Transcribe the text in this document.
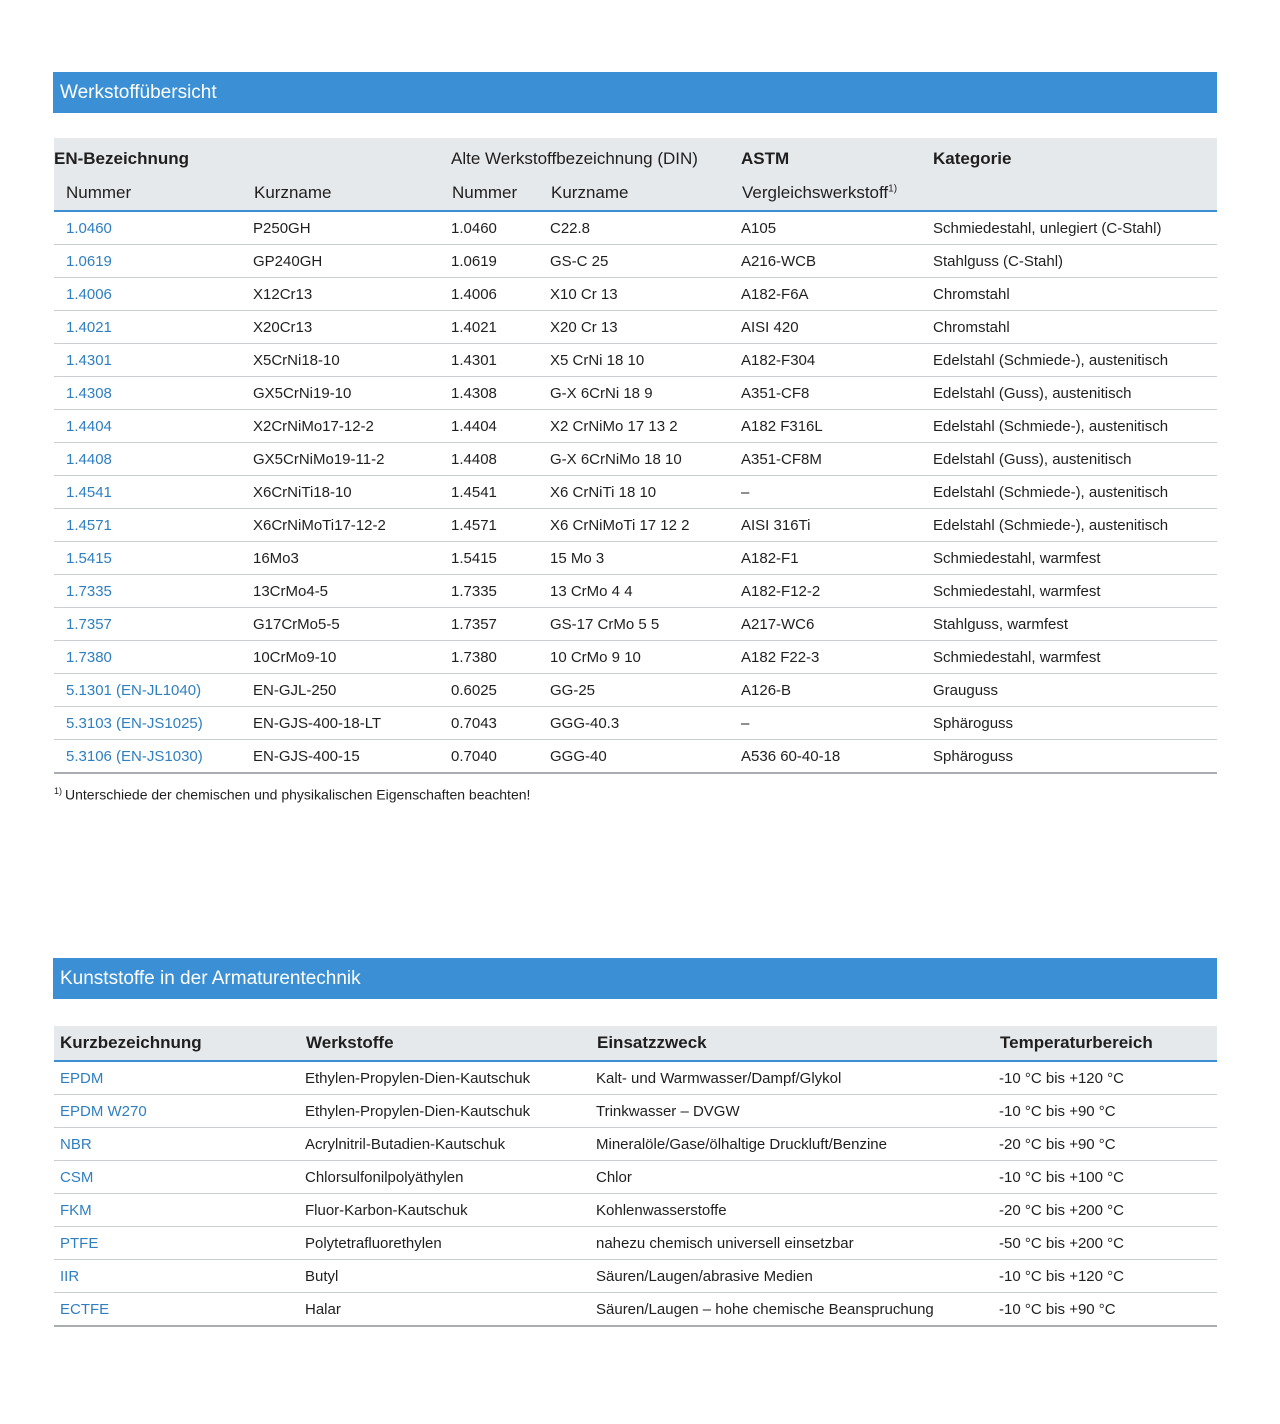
Werkstoffübersicht
EN-Bezeichnung		Alte Werkstoffbezeichnung (DIN)		ASTM	Kategorie
Nummer	Kurzname	Nummer	Kurzname	Vergleichswerkstoff$^{1)}$	
1.0460	P250GH	1.0460	C22.8	A105	Schmiedestahl, unlegiert (C-Stahl)
1.0619	GP240GH	1.0619	GS-C 25	A216-WCB	Stahlguss (C-Stahl)
1.4006	X12Cr13	1.4006	X10 Cr 13	A182-F6A	Chromstahl
1.4021	X20Cr13	1.4021	X20 Cr 13	AISI 420	Chromstahl
1.4301	X5CrNi18-10	1.4301	X5 CrNi 18 10	A182-F304	Edelstahl (Schmiede-), austenitisch
1.4308	GX5CrNi19-10	1.4308	G-X 6CrNi 18 9	A351-CF8	Edelstahl (Guss), austenitisch
1.4404	X2CrNiMo17-12-2	1.4404	X2 CrNiMo 17 13 2	A182 F316L	Edelstahl (Schmiede-), austenitisch
1.4408	GX5CrNiMo19-11-2	1.4408	G-X 6CrNiMo 18 10	A351-CF8M	Edelstahl (Guss), austenitisch
1.4541	X6CrNiTi18-10	1.4541	X6 CrNiTi 18 10	–	Edelstahl (Schmiede-), austenitisch
1.4571	X6CrNiMoTi17-12-2	1.4571	X6 CrNiMoTi 17 12 2	AISI 316Ti	Edelstahl (Schmiede-), austenitisch
1.5415	16Mo3	1.5415	15 Mo 3	A182-F1	Schmiedestahl, warmfest
1.7335	13CrMo4-5	1.7335	13 CrMo 4 4	A182-F12-2	Schmiedestahl, warmfest
1.7357	G17CrMo5-5	1.7357	GS-17 CrMo 5 5	A217-WC6	Stahlguss, warmfest
1.7380	10CrMo9-10	1.7380	10 CrMo 9 10	A182 F22-3	Schmiedestahl, warmfest
5.1301 (EN-JL1040)	EN-GJL-250	0.6025	GG-25	A126-B	Grauguss
5.3103 (EN-JS1025)	EN-GJS-400-18-LT	0.7043	GGG-40.3	–	Sphäroguss
5.3106 (EN-JS1030)	EN-GJS-400-15	0.7040	GGG-40	A536 60-40-18	Sphäroguss
$^{1)}$ Unterschiede der chemischen und physikalischen Eigenschaften beachten!
Kunststoffe in der Armaturentechnik
Kurzbezeichnung	Werkstoffe	Einsatzzweck	Temperaturbereich
EPDM	Ethylen-Propylen-Dien-Kautschuk	Kalt- und Warmwasser/Dampf/Glykol	-10 °C bis +120 °C
EPDM W270	Ethylen-Propylen-Dien-Kautschuk	Trinkwasser – DVGW	-10 °C bis +90 °C
NBR	Acrylnitril-Butadien-Kautschuk	Mineralöle/Gase/ölhaltige Druckluft/Benzine	-20 °C bis +90 °C
CSM	Chlorsulfonilpolyäthylen	Chlor	-10 °C bis +100 °C
FKM	Fluor-Karbon-Kautschuk	Kohlenwasserstoffe	-20 °C bis +200 °C
PTFE	Polytetrafluorethylen	nahezu chemisch universell einsetzbar	-50 °C bis +200 °C
IIR	Butyl	Säuren/Laugen/abrasive Medien	-10 °C bis +120 °C
ECTFE	Halar	Säuren/Laugen – hohe chemische Beanspruchung	-10 °C bis +90 °C
